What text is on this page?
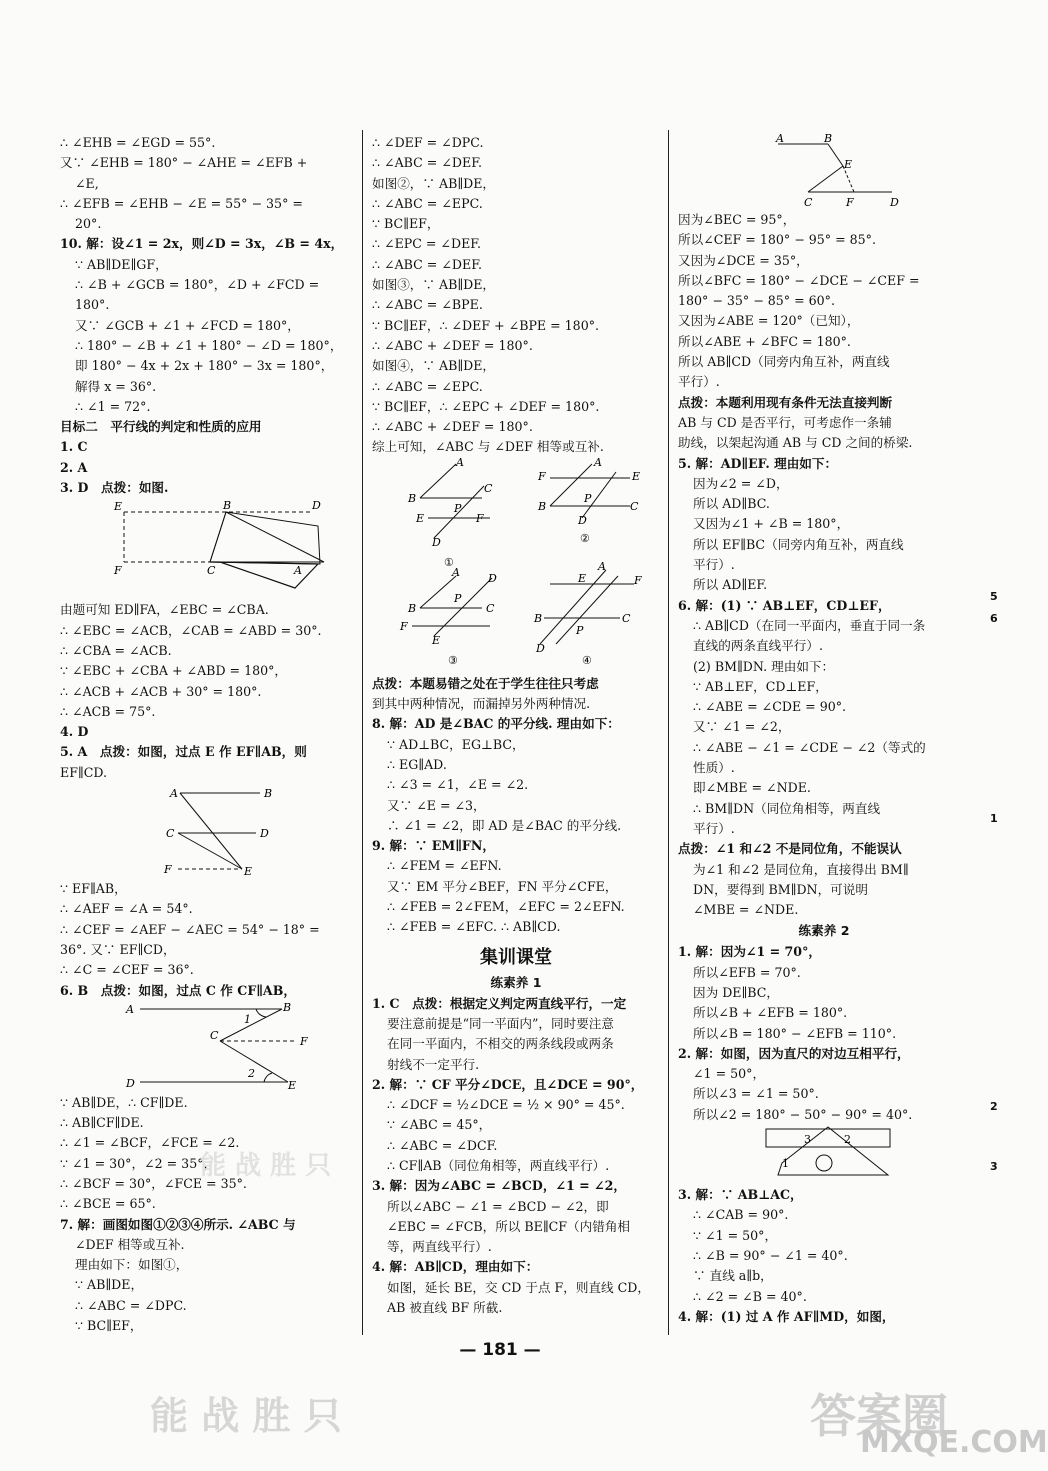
∴ ∠EHB = ∠EGD = 55°.
又∵ ∠EHB = 180° − ∠AHE = ∠EFB +
∠E,
∴ ∠EFB = ∠EHB − ∠E = 55° − 35° =
20°.
10. 解：设∠1 = 2x，则∠D = 3x，∠B = 4x，
∵ AB∥DE∥GF，
∴ ∠B + ∠GCB = 180°，∠D + ∠FCD =
180°.
又∵ ∠GCB + ∠1 + ∠FCD = 180°，
∴ 180° − ∠B + ∠1 + 180° − ∠D = 180°，
即 180° − 4x + 2x + 180° − 3x = 180°，
解得 x = 36°.
∴ ∠1 = 72°.
目标二　平行线的判定和性质的应用
1. C
2. A
3. D　点拨：如图.
E	B	D
F	C	A
由题可知 ED∥FA，∠EBC = ∠CBA.
∴ ∠EBC = ∠ACB，∠CAB = ∠ABD = 30°.
∴ ∠CBA = ∠ACB.
∵ ∠EBC + ∠CBA + ∠ABD = 180°，
∴ ∠ACB + ∠ACB + 30° = 180°.
∴ ∠ACB = 75°.
4. D
5. A　点拨：如图，过点 E 作 EF∥AB，则
EF∥CD.
A	B
C	D
F	E
∵ EF∥AB，
∴ ∠AEF = ∠A = 54°.
∴ ∠CEF = ∠AEF − ∠AEC = 54° − 18° =
36°. 又∵ EF∥CD，
∴ ∠C = ∠CEF = 36°.
6. B　点拨：如图，过点 C 作 CF∥AB，
A	B
C	F
D	E
1
2
∵ AB∥DE，∴ CF∥DE.
∴ AB∥CF∥DE.
∴ ∠1 = ∠BCF，∠FCE = ∠2.
∵ ∠1 = 30°，∠2 = 35°，
∴ ∠BCF = 30°，∠FCE = 35°.
∴ ∠BCE = 65°.
7. 解：画图如图①②③④所示. ∠ABC 与
∠DEF 相等或互补.
理由如下：如图①，
∵ AB∥DE，
∴ ∠ABC = ∠DPC.
∵ BC∥EF，
∴ ∠DEF = ∠DPC.
∴ ∠ABC = ∠DEF.
如图②，∵ AB∥DE，
∴ ∠ABC = ∠EPC.
∵ BC∥EF，
∴ ∠EPC = ∠DEF.
∴ ∠ABC = ∠DEF.
如图③，∵ AB∥DE，
∴ ∠ABC = ∠BPE.
∵ BC∥EF，∴ ∠DEF + ∠BPE = 180°.
∴ ∠ABC + ∠DEF = 180°.
如图④，∵ AB∥DE，
∴ ∠ABC = ∠EPC.
∵ BC∥EF，∴ ∠EPC + ∠DEF = 180°.
∴ ∠ABC + ∠DEF = 180°.
综上可知，∠ABC 与 ∠DEF 相等或互补.
B
A
C
P
E	F
D
①
F
A
E
B
P
C
D
②
B
A
C
P
F
E
D
③
B
E
A
F
P
C
D
④
点拨：本题易错之处在于学生往往只考虑
到其中两种情况，而漏掉另外两种情况.
8. 解：AD 是∠BAC 的平分线. 理由如下：
∵ AD⊥BC，EG⊥BC，
∴ EG∥AD.
∴ ∠3 = ∠1，∠E = ∠2.
又∵ ∠E = ∠3，
∴ ∠1 = ∠2，即 AD 是∠BAC 的平分线.
9. 解：∵ EM∥FN，
∴ ∠FEM = ∠EFN.
又∵ EM 平分∠BEF，FN 平分∠CFE，
∴ ∠FEB = 2∠FEM，∠EFC = 2∠EFN.
∴ ∠FEB = ∠EFC. ∴ AB∥CD.
集训课堂
练素养 1
1. C　点拨：根据定义判定两直线平行，一定
要注意前提是“同一平面内”，同时要注意
在同一平面内，不相交的两条线段或两条
射线不一定平行.
2. 解：∵ CF 平分∠DCE，且∠DCE = 90°，
∴ ∠DCF = ½∠DCE = ½ × 90° = 45°.
∵ ∠ABC = 45°，
∴ ∠ABC = ∠DCF.
∴ CF∥AB（同位角相等，两直线平行）.
3. 解：因为∠ABC = ∠BCD，∠1 = ∠2，
所以∠ABC − ∠1 = ∠BCD − ∠2，即
∠EBC = ∠FCB，所以 BE∥CF（内错角相
等，两直线平行）.
4. 解：AB∥CD，理由如下：
如图，延长 BE，交 CD 于点 F，则直线 CD，
AB 被直线 BF 所截.
A	B
E
C	F	D
因为∠BEC = 95°，
所以∠CEF = 180° − 95° = 85°.
又因为∠DCE = 35°，
所以∠BFC = 180° − ∠DCE − ∠CEF =
180° − 35° − 85° = 60°.
又因为∠ABE = 120°（已知），
所以∠ABE + ∠BFC = 180°.
所以 AB∥CD（同旁内角互补，两直线
平行）.
点拨：本题利用现有条件无法直接判断
AB 与 CD 是否平行，可考虑作一条辅
助线，以架起沟通 AB 与 CD 之间的桥梁.
5. 解：AD∥EF. 理由如下：
因为∠2 = ∠D，
所以 AD∥BC.
又因为∠1 + ∠B = 180°，
所以 EF∥BC（同旁内角互补，两直线
平行）.
所以 AD∥EF.
6. 解：(1) ∵ AB⊥EF，CD⊥EF，
∴ AB∥CD（在同一平面内，垂直于同一条
直线的两条直线平行）.
(2) BM∥DN. 理由如下：
∵ AB⊥EF，CD⊥EF，
∴ ∠ABE = ∠CDE = 90°.
又∵ ∠1 = ∠2，
∴ ∠ABE − ∠1 = ∠CDE − ∠2（等式的
性质）.
即∠MBE = ∠NDE.
∴ BM∥DN（同位角相等，两直线
平行）.
点拨：∠1 和∠2 不是同位角，不能误认
为∠1 和∠2 是同位角，直接得出 BM∥
DN，要得到 BM∥DN，可说明
∠MBE = ∠NDE.
练素养 2
1. 解：因为∠1 = 70°，
所以∠EFB = 70°.
因为 DE∥BC，
所以∠B + ∠EFB = 180°.
所以∠B = 180° − ∠EFB = 110°.
2. 解：如图，因为直尺的对边互相平行，
∠1 = 50°，
所以∠3 = ∠1 = 50°.
所以∠2 = 180° − 50° − 90° = 40°.
3	2
1
3. 解：∵ AB⊥AC，
∴ ∠CAB = 90°.
∵ ∠1 = 50°，
∴ ∠B = 90° − ∠1 = 40°.
∵ 直线 a∥b，
∴ ∠2 = ∠B = 40°.
4. 解：(1) 过 A 作 AF∥MD，如图，
— 181 —
5
6
1
2
3
能 战 胜 只
能 战 胜 只	答案圈
MXQE.COM
